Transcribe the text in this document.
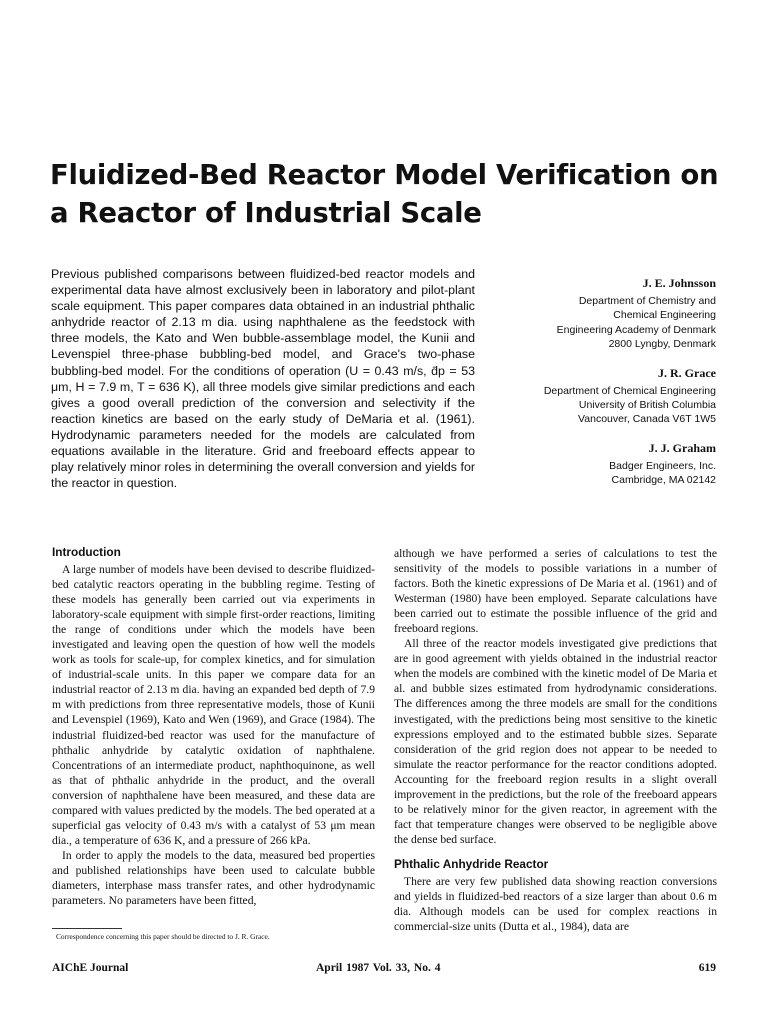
Fluidized-Bed Reactor Model Verification on a Reactor of Industrial Scale

Previous published comparisons between fluidized-bed reactor models and experimental data have almost exclusively been in laboratory and pilot-plant scale equipment. This paper compares data obtained in an industrial phthalic anhydride reactor of 2.13 m dia. using naphthalene as the feedstock with three models, the Kato and Wen bubble-assemblage model, the Kunii and Levenspiel three-phase bubbling-bed model, and Grace's two-phase bubbling-bed model. For the conditions of operation (U = 0.43 m/s, d̄p = 53 μm, H = 7.9 m, T = 636 K), all three models give similar predictions and each gives a good overall prediction of the conversion and selectivity if the reaction kinetics are based on the early study of DeMaria et al. (1961). Hydrodynamic parameters needed for the models are calculated from equations available in the literature. Grid and freeboard effects appear to play relatively minor roles in determining the overall conversion and yields for the reactor in question.

J. E. Johnsson
Department of Chemistry and
Chemical Engineering
Engineering Academy of Denmark
2800 Lyngby, Denmark
J. R. Grace
Department of Chemical Engineering
University of British Columbia
Vancouver, Canada V6T 1W5
J. J. Graham
Badger Engineers, Inc.
Cambridge, MA 02142
Introduction

A large number of models have been devised to describe fluidized-bed catalytic reactors operating in the bubbling regime. Testing of these models has generally been carried out via experiments in laboratory-scale equipment with simple first-order reactions, limiting the range of conditions under which the models have been investigated and leaving open the question of how well the models work as tools for scale-up, for complex kinetics, and for simulation of industrial-scale units. In this paper we compare data for an industrial reactor of 2.13 m dia. having an expanded bed depth of 7.9 m with predictions from three representative models, those of Kunii and Levenspiel (1969), Kato and Wen (1969), and Grace (1984). The industrial fluidized-bed reactor was used for the manufacture of phthalic anhydride by catalytic oxidation of naphthalene. Concentrations of an intermediate product, naphthoquinone, as well as that of phthalic anhydride in the product, and the overall conversion of naphthalene have been measured, and these data are compared with values predicted by the models. The bed operated at a superficial gas velocity of 0.43 m/s with a catalyst of 53 μm mean dia., a temperature of 636 K, and a pressure of 266 kPa.

In order to apply the models to the data, measured bed properties and published relationships have been used to calculate bubble diameters, interphase mass transfer rates, and other hydrodynamic parameters. No parameters have been fitted,

although we have performed a series of calculations to test the sensitivity of the models to possible variations in a number of factors. Both the kinetic expressions of De Maria et al. (1961) and of Westerman (1980) have been employed. Separate calculations have been carried out to estimate the possible influence of the grid and freeboard regions.

All three of the reactor models investigated give predictions that are in good agreement with yields obtained in the industrial reactor when the models are combined with the kinetic model of De Maria et al. and bubble sizes estimated from hydrodynamic considerations. The differences among the three models are small for the conditions investigated, with the predictions being most sensitive to the kinetic expressions employed and to the estimated bubble sizes. Separate consideration of the grid region does not appear to be needed to simulate the reactor performance for the reactor conditions adopted. Accounting for the freeboard region results in a slight overall improvement in the predictions, but the role of the freeboard appears to be relatively minor for the given reactor, in agreement with the fact that temperature changes were observed to be negligible above the dense bed surface.

Phthalic Anhydride Reactor

There are very few published data showing reaction conversions and yields in fluidized-bed reactors of a size larger than about 0.6 m dia. Although models can be used for complex reactions in commercial-size units (Dutta et al., 1984), data are

Correspondence concerning this paper should be directed to J. R. Grace.
AIChE Journal	April 1987 Vol. 33, No. 4	619
